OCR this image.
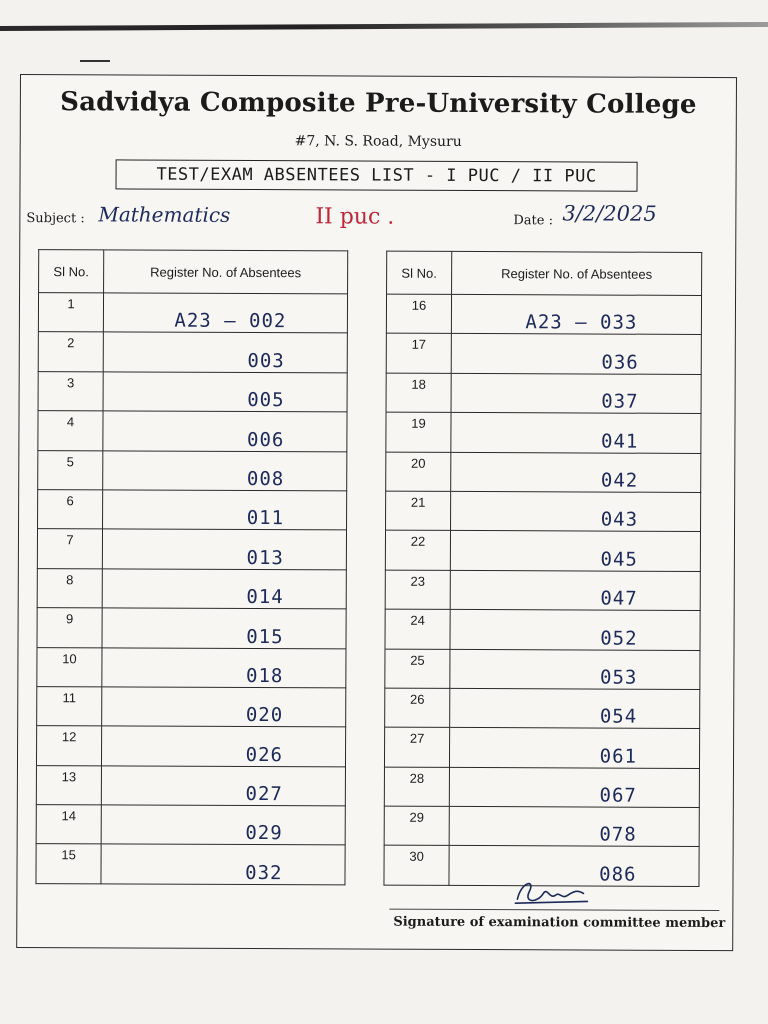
Sadvidya Composite Pre-University College
#7, N. S. Road, Mysuru
TEST/EXAM ABSENTEES LIST - I PUC / II PUC
Subject : Mathematics	II puc .	Date : 3/2/2025
Sl No.	Register No. of Absentees
1	A23 — 002
2	003
3	005
4	006
5	008
6	011
7	013
8	014
9	015
10	018
11	020
12	026
13	027
14	029
15	032
Sl No.	Register No. of Absentees
16	A23 — 033
17	036
18	037
19	041
20	042
21	043
22	045
23	047
24	052
25	053
26	054
27	061
28	067
29	078
30	086
Signature of examination committee member
